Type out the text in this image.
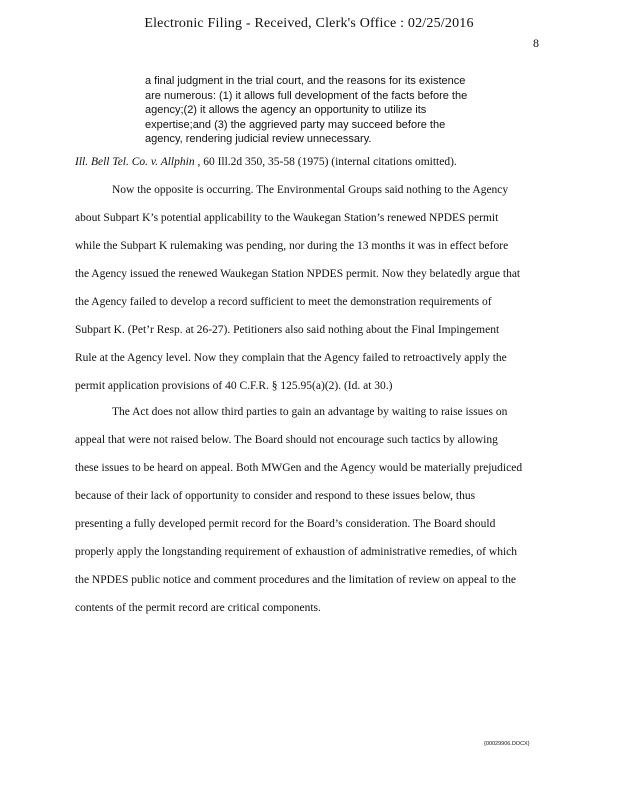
Electronic Filing - Received, Clerk's Office : 02/25/2016
8
a final judgment in the trial court, and the reasons for its existence
are numerous: (1) it allows full development of the facts before the
agency;(2) it allows the agency an opportunity to utilize its
expertise;and (3) the aggrieved party may succeed before the
agency, rendering judicial review unnecessary.
Ill. Bell Tel. Co. v. Allphin , 60 Ill.2d 350, 35-58 (1975) (internal citations omitted).
Now the opposite is occurring. The Environmental Groups said nothing to the Agency
about Subpart K’s potential applicability to the Waukegan Station’s renewed NPDES permit
while the Subpart K rulemaking was pending, nor during the 13 months it was in effect before
the Agency issued the renewed Waukegan Station NPDES permit. Now they belatedly argue that
the Agency failed to develop a record sufficient to meet the demonstration requirements of
Subpart K. (Pet’r Resp. at 26-27). Petitioners also said nothing about the Final Impingement
Rule at the Agency level. Now they complain that the Agency failed to retroactively apply the
permit application provisions of 40 C.F.R. § 125.95(a)(2). (Id. at 30.)
The Act does not allow third parties to gain an advantage by waiting to raise issues on
appeal that were not raised below. The Board should not encourage such tactics by allowing
these issues to be heard on appeal. Both MWGen and the Agency would be materially prejudiced
because of their lack of opportunity to consider and respond to these issues below, thus
presenting a fully developed permit record for the Board’s consideration. The Board should
properly apply the longstanding requirement of exhaustion of administrative remedies, of which
the NPDES public notice and comment procedures and the limitation of review on appeal to the
contents of the permit record are critical components.
{00029906.DOCX}
